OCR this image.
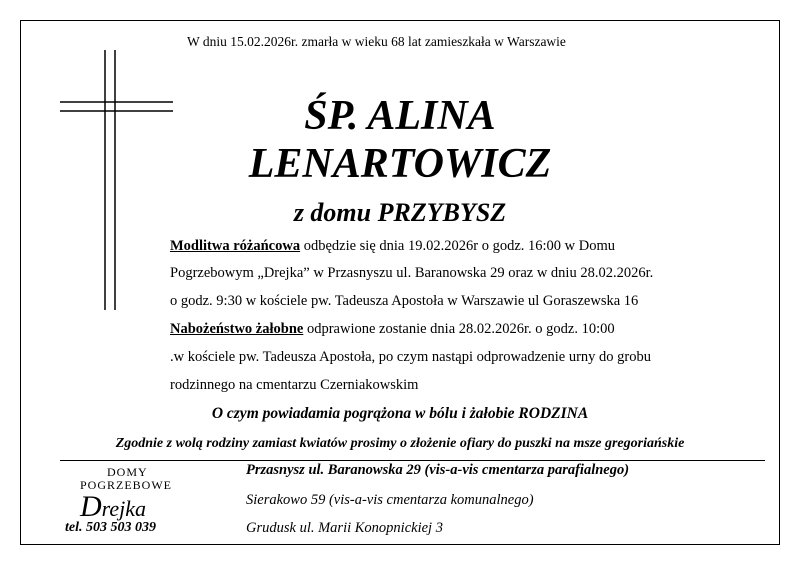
W dniu 15.02.2026r. zmarła w wieku 68 lat zamieszkała w Warszawie
ŚP. ALINA
LENARTOWICZ
z domu PRZYBYSZ
Modlitwa różańcowa odbędzie się dnia 19.02.2026r o godz. 16:00 w Domu
Pogrzebowym „Drejka” w Przasnyszu ul. Baranowska 29 oraz w dniu 28.02.2026r.
o godz. 9:30 w kościele pw. Tadeusza Apostoła w Warszawie ul Goraszewska 16
Nabożeństwo żałobne odprawione zostanie dnia 28.02.2026r. o godz. 10:00
.w kościele pw. Tadeusza Apostoła, po czym nastąpi odprowadzenie urny do grobu
rodzinnego na cmentarzu Czerniakowskim
O czym powiadamia pogrążona w bólu i żałobie RODZINA
Zgodnie z wolą rodziny zamiast kwiatów prosimy o złożenie ofiary do puszki na msze gregoriańskie
DOMY
POGRZEBOWE
Drejka
tel. 503 503 039
Przasnysz ul. Baranowska 29 (vis-a-vis cmentarza parafialnego)
Sierakowo 59 (vis-a-vis cmentarza komunalnego)
Grudusk ul. Marii Konopnickiej 3
